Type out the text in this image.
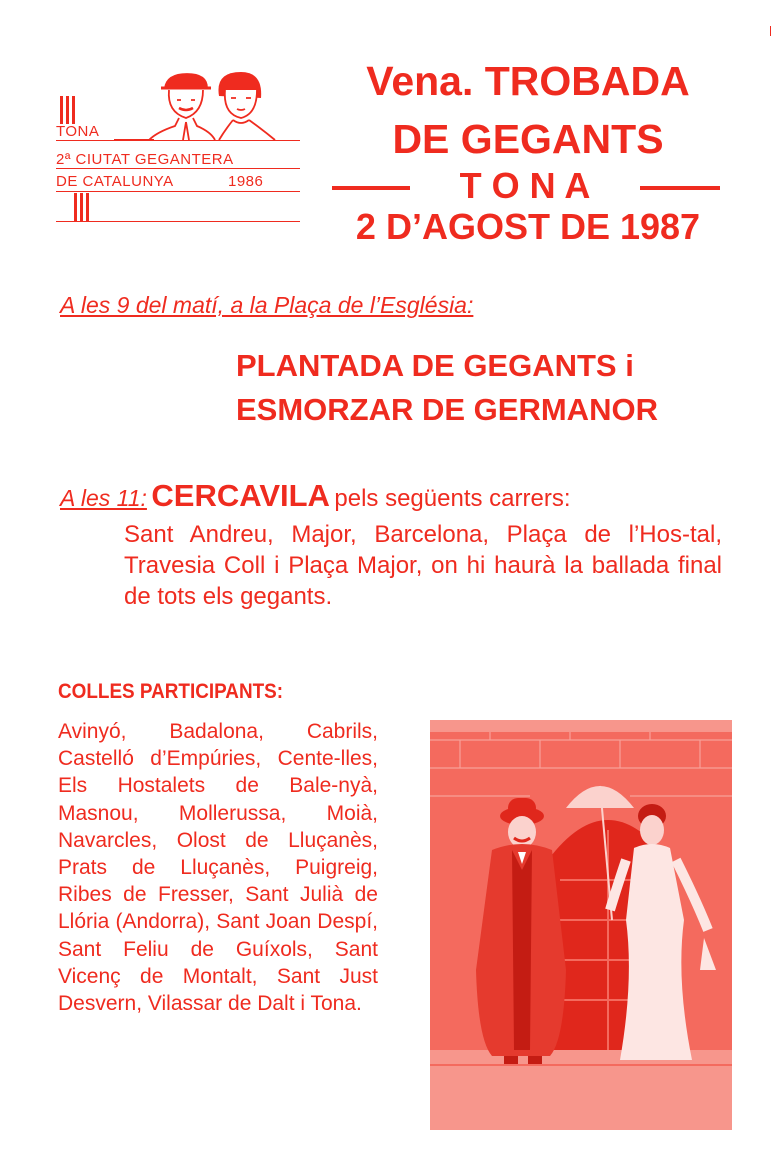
TONA
2ª CIUTAT GEGANTERA
DE CATALUNYA	1986
Vena. TROBADA
DE GEGANTS
T O N A
2 D’AGOST DE 1987
A les 9 del matí, a la Plaça de l’Església:
PLANTADA DE GEGANTS i
ESMORZAR DE GERMANOR
A les 11: CERCAVILA pels següents carrers:
Sant Andreu, Major, Barcelona, Plaça de l’Hos-tal, Travesia Coll i Plaça Major, on hi haurà la ballada final de tots els gegants.
COLLES PARTICIPANTS:
Avinyó, Badalona, Cabrils, Castelló d’Empúries, Cente-lles, Els Hostalets de Bale-nyà, Masnou, Mollerussa, Moià, Navarcles, Olost de Lluçanès, Prats de Lluçanès, Puigreig, Ribes de Fresser, Sant Julià de Llória (Andorra), Sant Joan Despí, Sant Feliu de Guíxols, Sant Vicenç de Montalt, Sant Just Desvern, Vilassar de Dalt i Tona.
